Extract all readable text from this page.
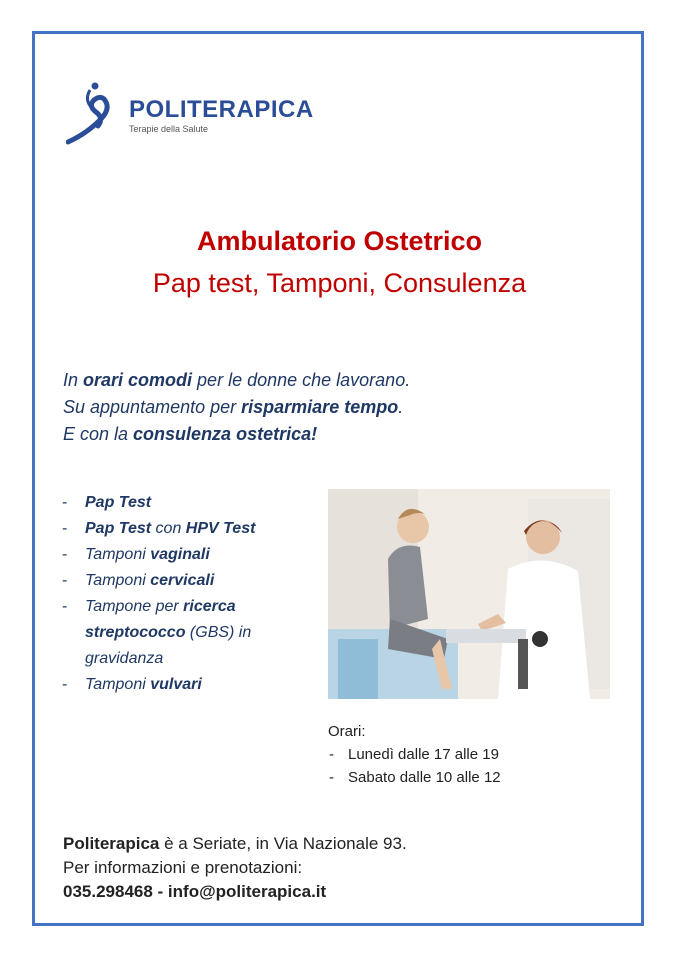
POLITERAPICA
Terapie della Salute
Ambulatorio Ostetrico
Pap test, Tamponi, Consulenza
In orari comodi per le donne che lavorano.
Su appuntamento per risparmiare tempo.
E con la consulenza ostetrica!
- Pap Test
- Pap Test con HPV Test
- Tamponi vaginali
- Tamponi cervicali
- Tampone per ricerca streptococco (GBS) in gravidanza
- Tamponi vulvari
Orari:
- Lunedì dalle 17 alle 19
- Sabato dalle 10 alle 12
Politerapica è a Seriate, in Via Nazionale 93.
Per informazioni e prenotazioni:
035.298468 - info@politerapica.it
